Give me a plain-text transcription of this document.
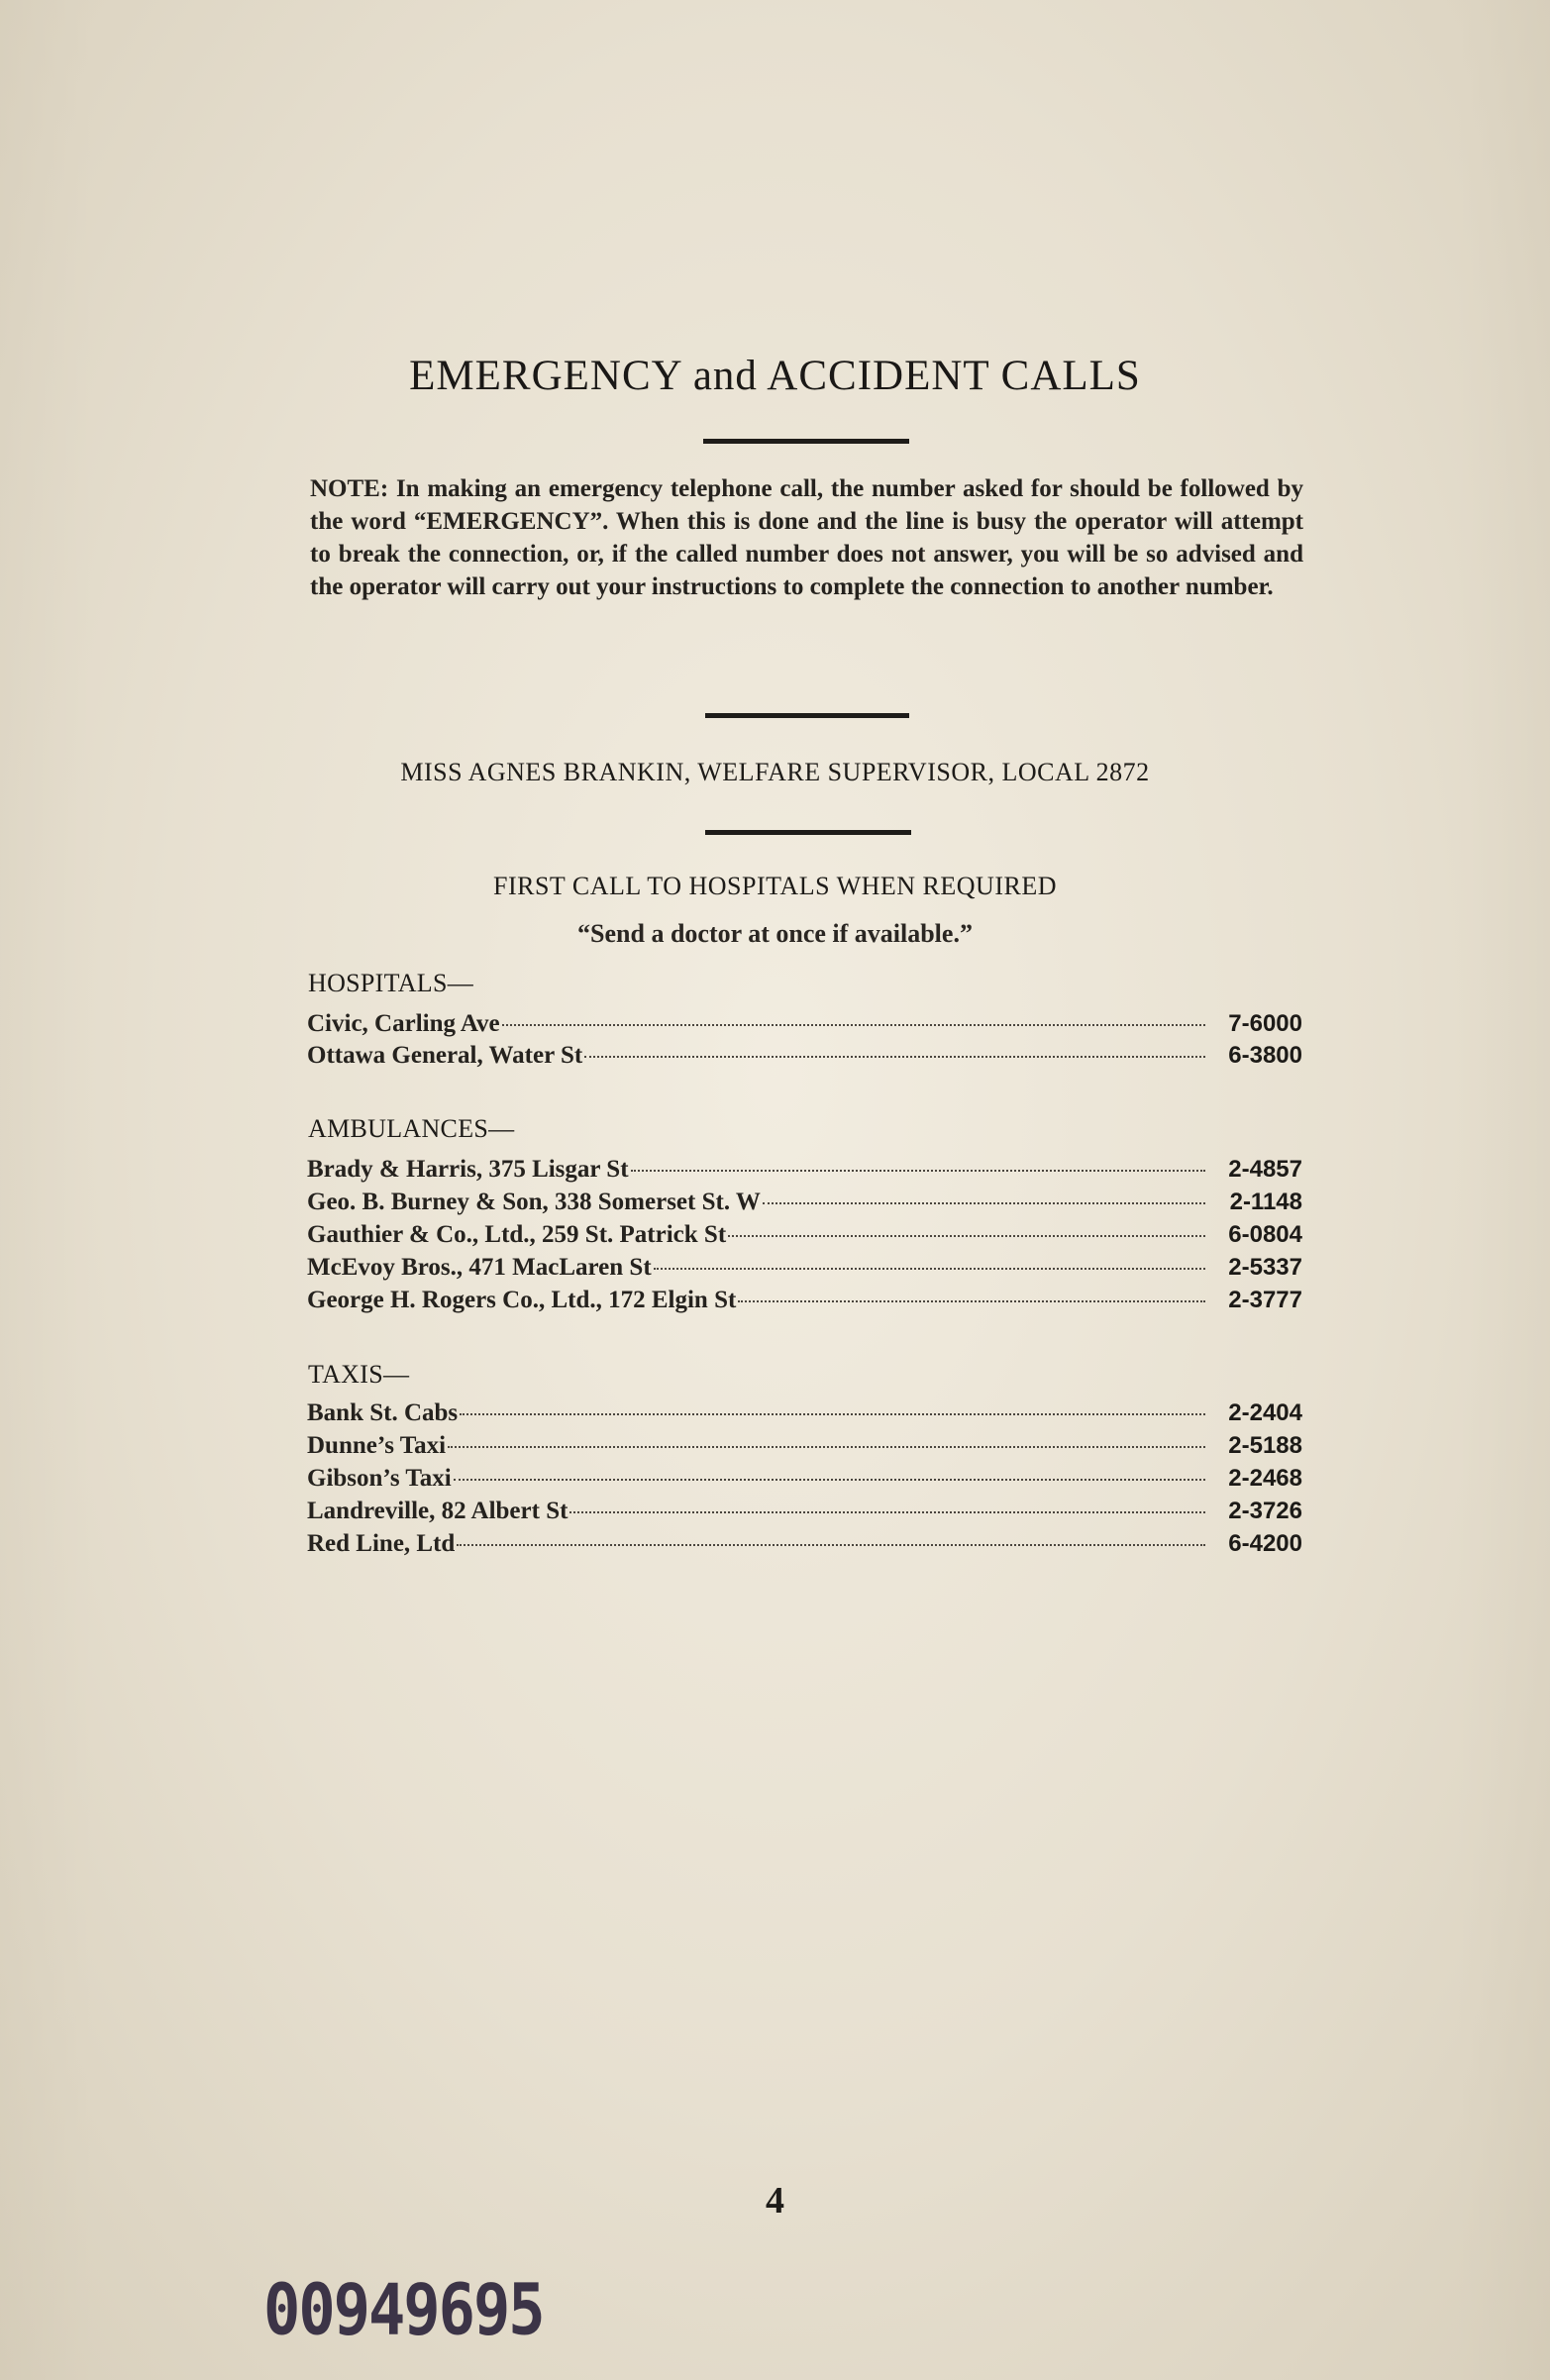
EMERGENCY and ACCIDENT CALLS
NOTE: In making an emergency telephone call, the number asked for should be followed by the word “EMERGENCY”. When this is done and the line is busy the operator will attempt to break the connection, or, if the called number does not answer, you will be so advised and the operator will carry out your instructions to complete the connection to another number.
MISS AGNES BRANKIN, WELFARE SUPERVISOR, LOCAL 2872
FIRST CALL TO HOSPITALS WHEN REQUIRED
“Send a doctor at once if available.”
HOSPITALS—
Civic, Carling Ave	7-6000
Ottawa General, Water St	6-3800
AMBULANCES—
Brady & Harris, 375 Lisgar St	2-4857
Geo. B. Burney & Son, 338 Somerset St. W	2-1148
Gauthier & Co., Ltd., 259 St. Patrick St	6-0804
McEvoy Bros., 471 MacLaren St	2-5337
George H. Rogers Co., Ltd., 172 Elgin St	2-3777
TAXIS—
Bank St. Cabs	2-2404
Dunne’s Taxi	2-5188
Gibson’s Taxi	2-2468
Landreville, 82 Albert St	2-3726
Red Line, Ltd	6-4200
4
00949695
